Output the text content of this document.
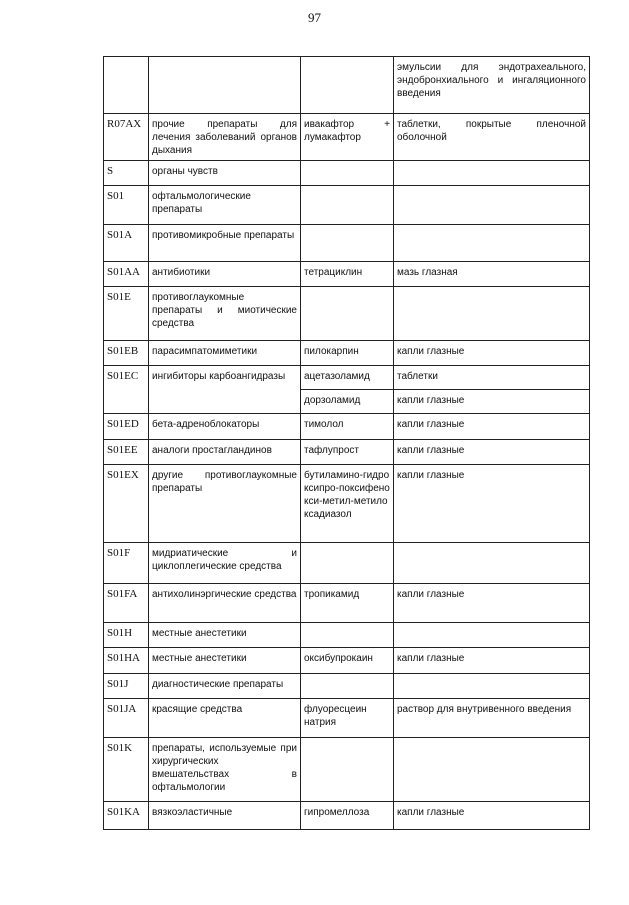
97
			эмульсии для эндотрахеального, эндобронхиального и ингаляционного введения
R07AX	прочие препараты для лечения заболеваний органов дыхания	ивакафтор + лумакафтор	таблетки, покрытые пленочной оболочной
S	органы чувств		
S01	офтальмологические препараты		
S01A	противомикробные препараты		
S01AA	антибиотики	тетрациклин	мазь глазная
S01E	противоглаукомные препараты и миотические средства		
S01EB	парасимпатомиметики	пилокарпин	капли глазные
S01EC	ингибиторы карбоангидразы	ацетазоламид	таблетки
		дорзоламид	капли глазные
S01ED	бета-адреноблокаторы	тимолол	капли глазные
S01EE	аналоги простагландинов	тафлупрост	капли глазные
S01EX	другие противоглаукомные препараты	бутиламино-гидроксипро-поксифенокси-метил-метилоксадиазол	капли глазные
S01F	мидриатические и циклоплегические средства		
S01FA	антихолинэргические средства	тропикамид	капли глазные
S01H	местные анестетики		
S01HA	местные анестетики	оксибупрокаин	капли глазные
S01J	диагностические препараты		
S01JA	красящие средства	флуоресцеин натрия	раствор для внутривенного введения
S01K	препараты, используемые при хирургических вмешательствах в офтальмологии		
S01KA	вязкоэластичные	гипромеллоза	капли глазные
